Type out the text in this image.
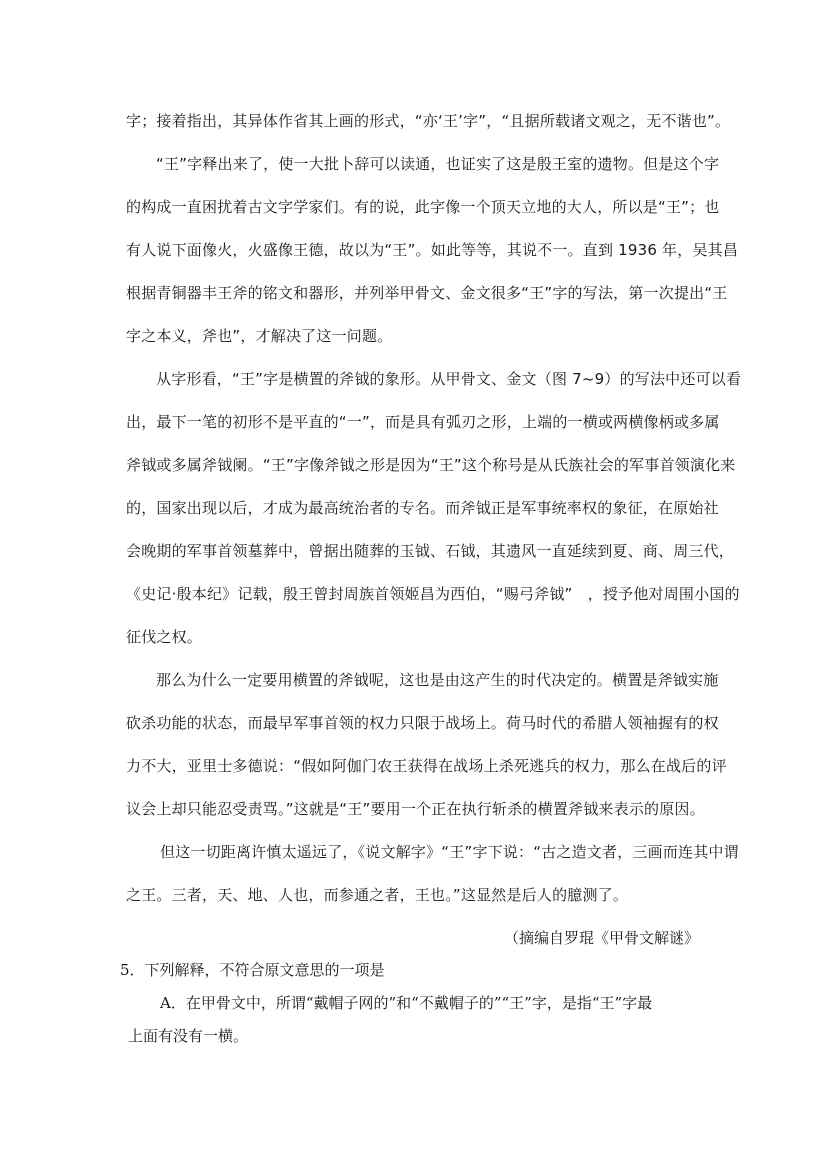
字；接着指出，其异体作省其上画的形式，“亦‘王’字”，“且据所载诸文观之，无不谐也”。
“王”字释出来了，使一大批卜辞可以读通，也证实了这是殷王室的遗物。但是这个字
的构成一直困扰着古文字学家们。有的说，此字像一个顶天立地的大人，所以是“王”；也
有人说下面像火，火盛像王德，故以为“王”。如此等等，其说不一。直到 1936 年，吴其昌
根据青铜器丰王斧的铭文和器形，并列举甲骨文、金文很多“王”字的写法，第一次提出“王
字之本义，斧也”，才解决了这一问题。
从字形看，“王”字是横置的斧钺的象形。从甲骨文、金文（图 7~9）的写法中还可以看
出，最下一笔的初形不是平直的“一”，而是具有弧刃之形，上端的一横或两横像柄或多属
斧钺或多属斧钺阑。“王”字像斧钺之形是因为“王”这个称号是从氏族社会的军事首领演化来
的，国家出现以后，才成为最高统治者的专名。而斧钺正是军事统率权的象征，在原始社
会晚期的军事首领墓葬中，曾据出随葬的玉钺、石钺，其遗风一直延续到夏、商、周三代，
《史记·殷本纪》记载，殷王曾封周族首领姬昌为西伯，“赐弓斧钺”　，授予他对周围小国的
征伐之权。
那么为什么一定要用横置的斧钺呢，这也是由这产生的时代决定的。横置是斧钺实施
砍杀功能的状态，而最早军事首领的权力只限于战场上。荷马时代的希腊人领袖握有的权
力不大，亚里士多德说：“假如阿伽门农王获得在战场上杀死逃兵的权力，那么在战后的评
议会上却只能忍受责骂。”这就是“王”要用一个正在执行斩杀的横置斧钺来表示的原因。
但这一切距离许慎太遥远了，《说文解字》“王”字下说：“古之造文者，三画而连其中谓
之王。三者，天、地、人也，而参通之者，王也。”这显然是后人的臆测了。
（摘编自罗琨《甲骨文解谜》
5．下列解释，不符合原文意思的一项是
A．在甲骨文中，所谓“戴帽子网的”和“不戴帽子的”“王”字，是指“王”字最
上面有没有一横。
